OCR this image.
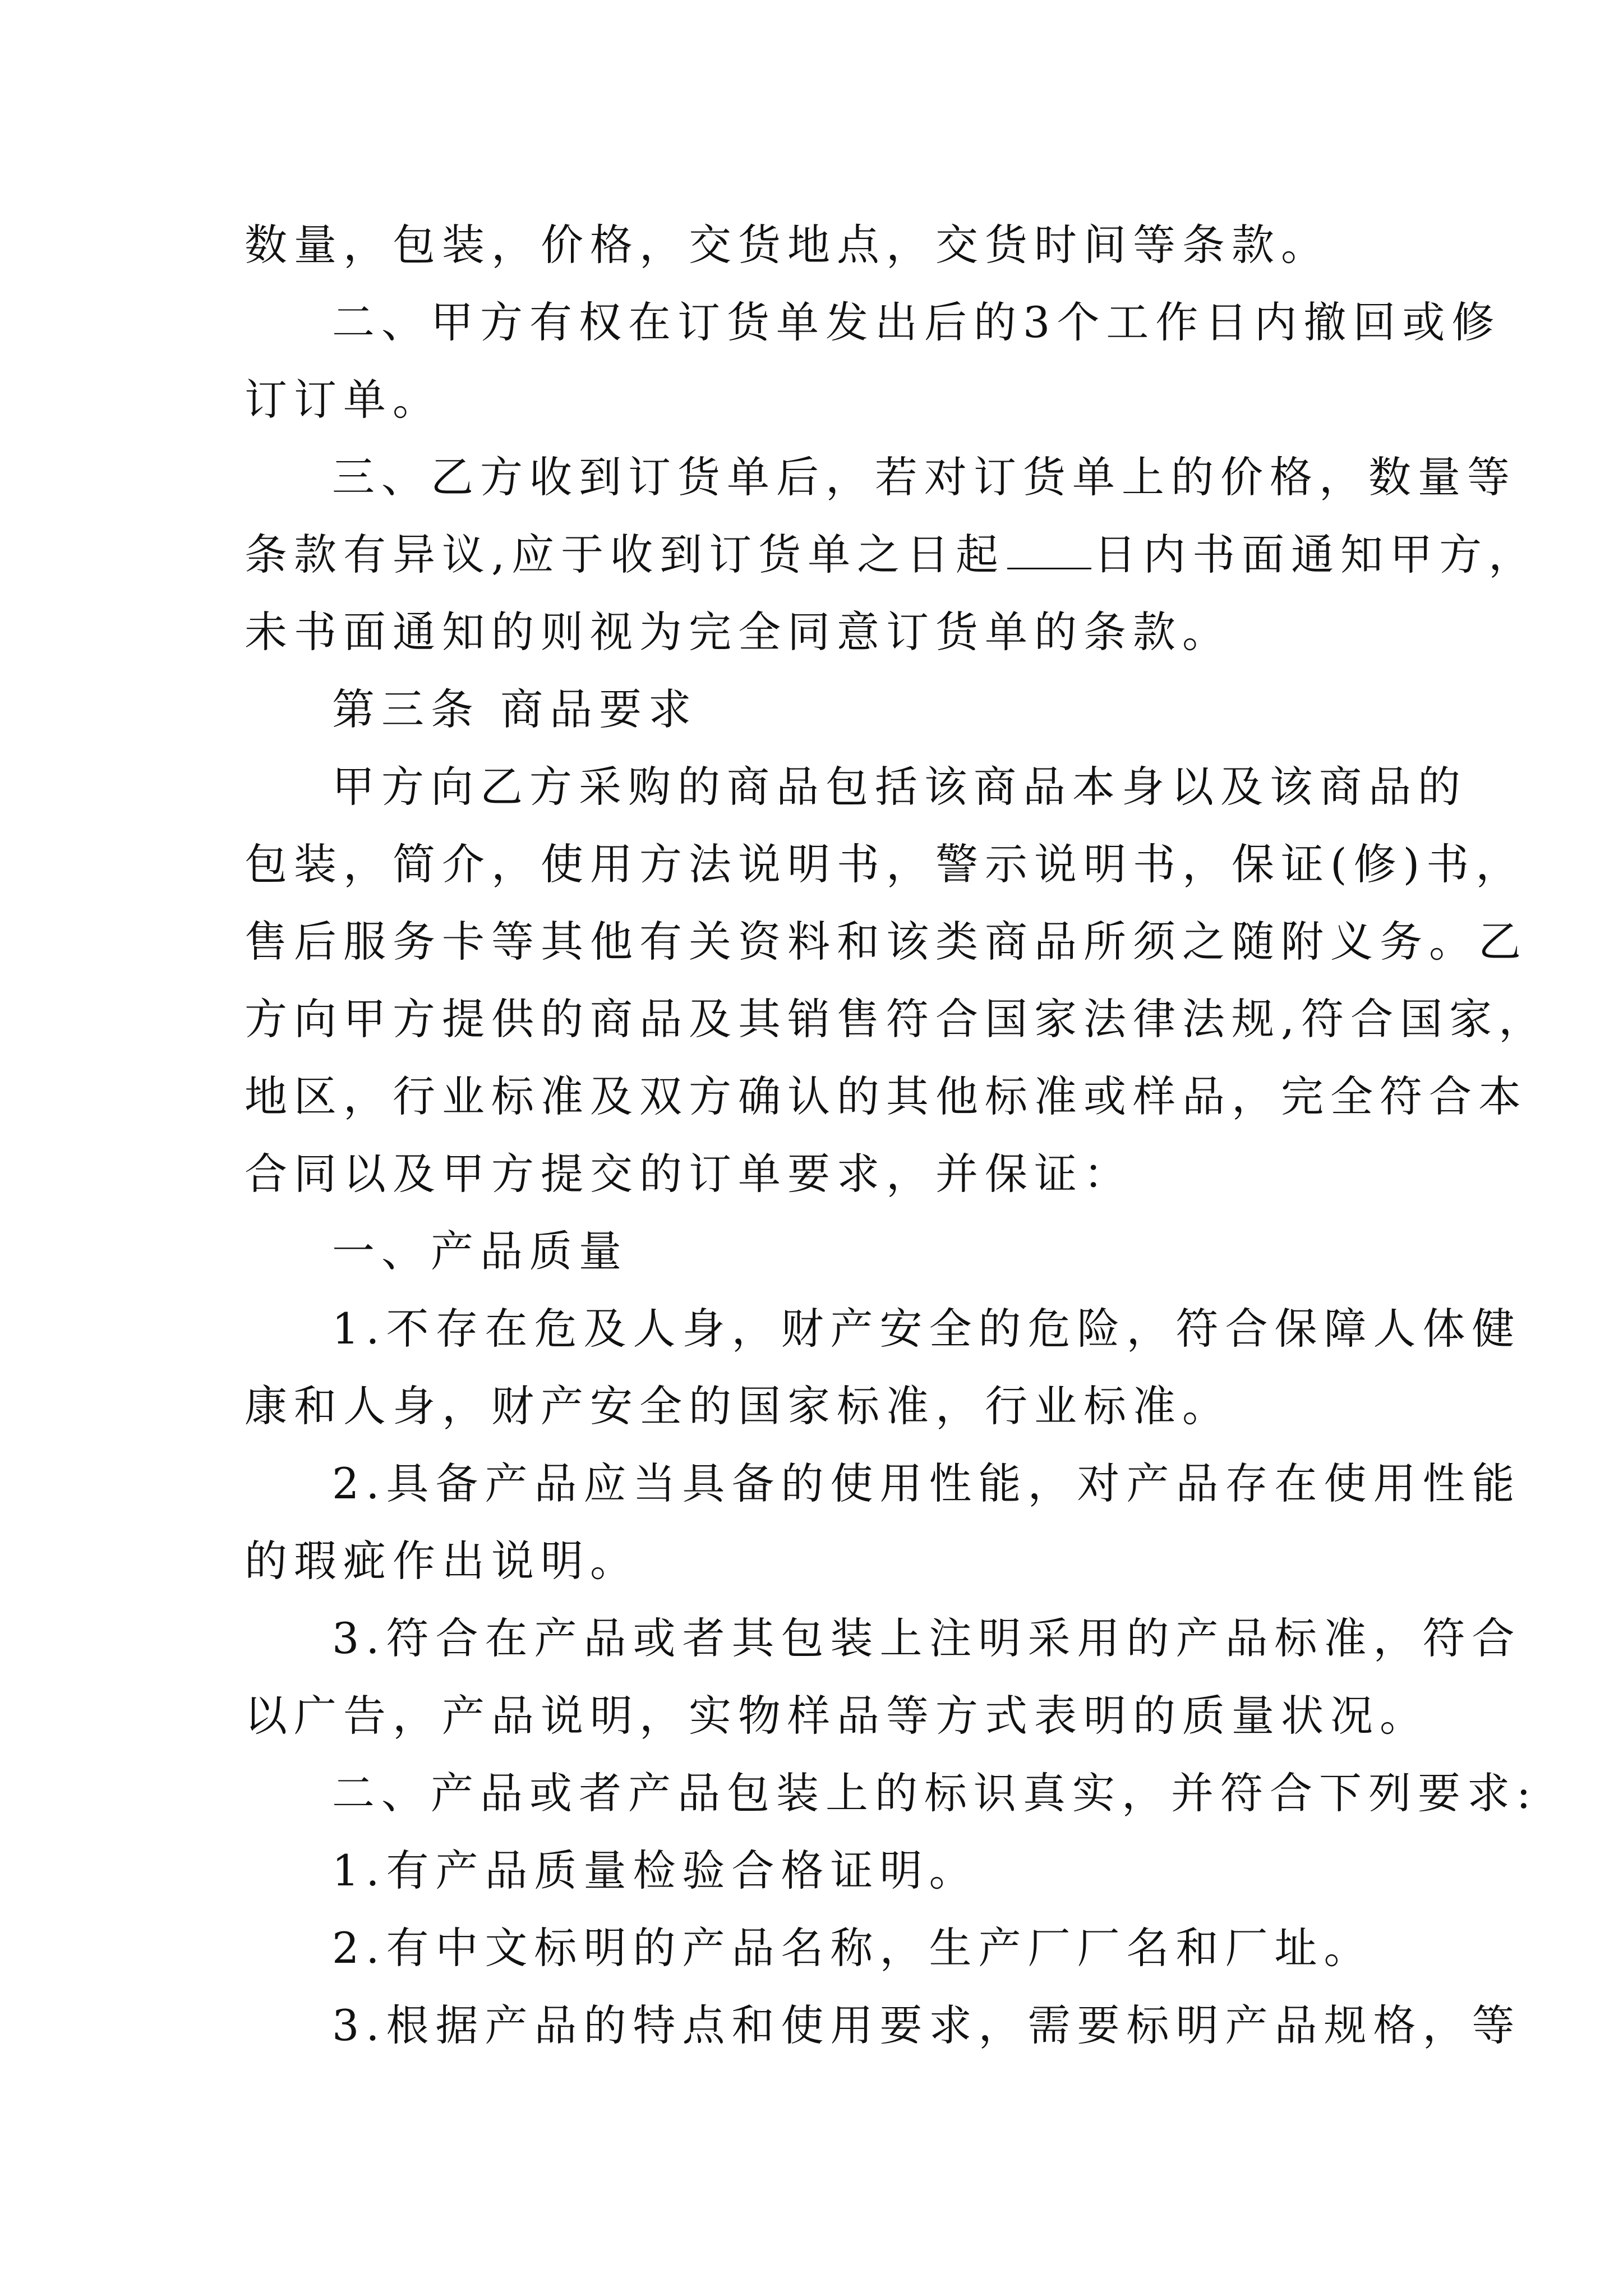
数量，包装，价格，交货地点，交货时间等条款。
二、甲方有权在订货单发出后的3个工作日内撤回或修
订订单。
三、乙方收到订货单后，若对订货单上的价格，数量等
条款有异议,应于收到订货单之日起 日内书面通知甲方，
未书面通知的则视为完全同意订货单的条款。
第三条 商品要求
甲方向乙方采购的商品包括该商品本身以及该商品的
包装，简介，使用方法说明书，警示说明书，保证(修)书，
售后服务卡等其他有关资料和该类商品所须之随附义务。乙
方向甲方提供的商品及其销售符合国家法律法规,符合国家，
地区，行业标准及双方确认的其他标准或样品，完全符合本
合同以及甲方提交的订单要求，并保证：
一、产品质量
1.不存在危及人身，财产安全的危险，符合保障人体健
康和人身，财产安全的国家标准，行业标准。
2.具备产品应当具备的使用性能，对产品存在使用性能
的瑕疵作出说明。
3.符合在产品或者其包装上注明采用的产品标准，符合
以广告，产品说明，实物样品等方式表明的质量状况。
二、产品或者产品包装上的标识真实，并符合下列要求:
1.有产品质量检验合格证明。
2.有中文标明的产品名称，生产厂厂名和厂址。
3.根据产品的特点和使用要求，需要标明产品规格，等
